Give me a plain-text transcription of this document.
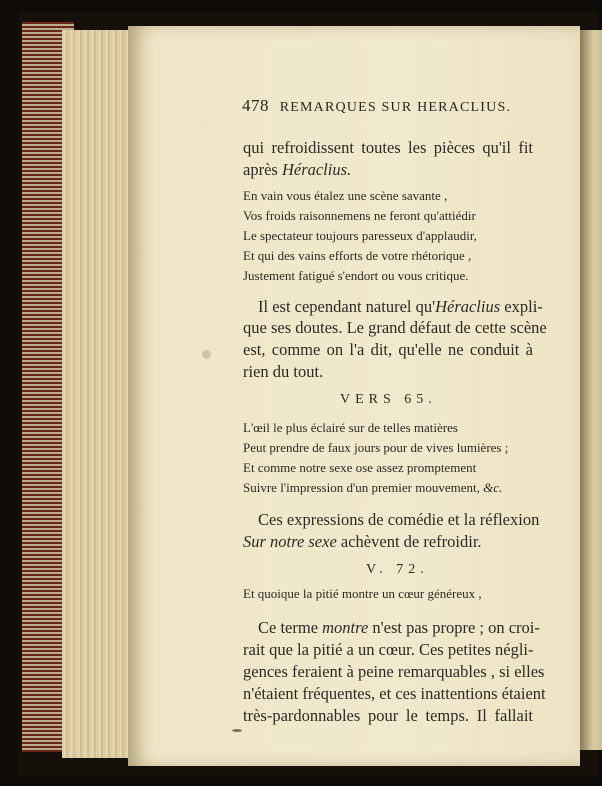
478 REMARQUES SUR HERACLIUS.
qui refroidissent toutes les pièces qu'il fit
après Héraclius.
En vain vous étalez une scène savante ,
Vos froids raisonnemens ne feront qu'attiédir
Le spectateur toujours paresseux d'applaudir,
Et qui des vains efforts de votre rhétorique ,
Justement fatigué s'endort ou vous critique.
Il est cependant naturel qu'Héraclius expli-
que ses doutes. Le grand défaut de cette scène
est, comme on l'a dit, qu'elle ne conduit à
rien du tout.
VERS 65.
L'œil le plus éclairé sur de telles matières
Peut prendre de faux jours pour de vives lumières ;
Et comme notre sexe ose assez promptement
Suivre l'impression d'un premier mouvement, &c.
Ces expressions de comédie et la réflexion
Sur notre sexe achèvent de refroidir.
V. 72.
Et quoique la pitié montre un cœur généreux ,
Ce terme montre n'est pas propre ; on croi-
rait que la pitié a un cœur. Ces petites négli-
gences feraient à peine remarquables , si elles
n'étaient fréquentes, et ces inattentions étaient
très-pardonnables pour le temps. Il fallait
